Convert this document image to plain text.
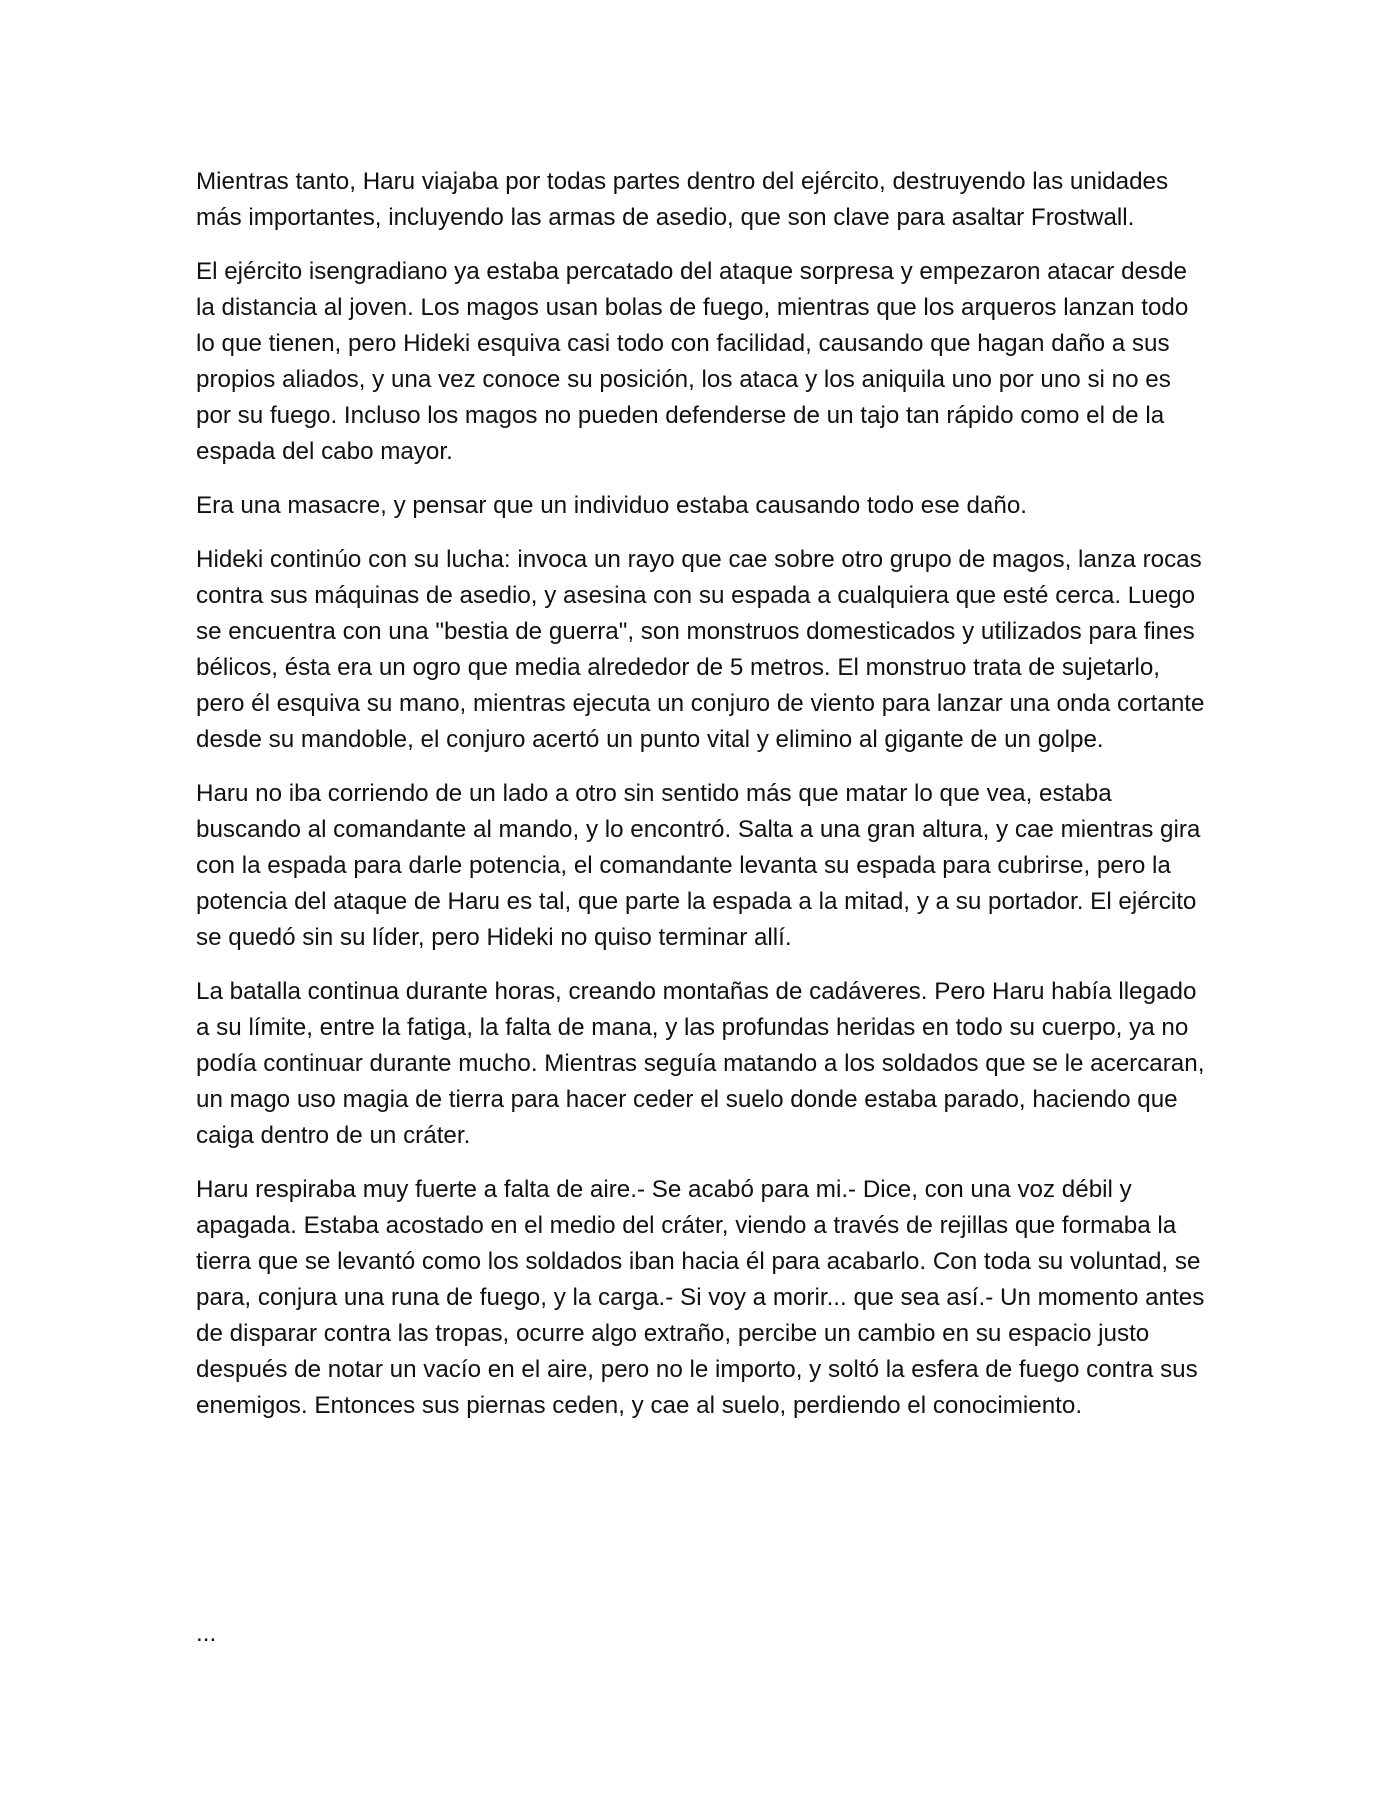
Mientras tanto, Haru viajaba por todas partes dentro del ejército, destruyendo las unidades más importantes, incluyendo las armas de asedio, que son clave para asaltar Frostwall.

El ejército isengradiano ya estaba percatado del ataque sorpresa y empezaron atacar desde la distancia al joven. Los magos usan bolas de fuego, mientras que los arqueros lanzan todo lo que tienen, pero Hideki esquiva casi todo con facilidad, causando que hagan daño a sus propios aliados, y una vez conoce su posición, los ataca y los aniquila uno por uno si no es por su fuego. Incluso los magos no pueden defenderse de un tajo tan rápido como el de la espada del cabo mayor.

Era una masacre, y pensar que un individuo estaba causando todo ese daño.

Hideki continúo con su lucha: invoca un rayo que cae sobre otro grupo de magos, lanza rocas contra sus máquinas de asedio, y asesina con su espada a cualquiera que esté cerca. Luego se encuentra con una "bestia de guerra", son monstruos domesticados y utilizados para fines bélicos, ésta era un ogro que media alrededor de 5 metros. El monstruo trata de sujetarlo, pero él esquiva su mano, mientras ejecuta un conjuro de viento para lanzar una onda cortante desde su mandoble, el conjuro acertó un punto vital y elimino al gigante de un golpe.

Haru no iba corriendo de un lado a otro sin sentido más que matar lo que vea, estaba buscando al comandante al mando, y lo encontró. Salta a una gran altura, y cae mientras gira con la espada para darle potencia, el comandante levanta su espada para cubrirse, pero la potencia del ataque de Haru es tal, que parte la espada a la mitad, y a su portador. El ejército se quedó sin su líder, pero Hideki no quiso terminar allí.

La batalla continua durante horas, creando montañas de cadáveres. Pero Haru había llegado a su límite, entre la fatiga, la falta de mana, y las profundas heridas en todo su cuerpo, ya no podía continuar durante mucho. Mientras seguía matando a los soldados que se le acercaran, un mago uso magia de tierra para hacer ceder el suelo donde estaba parado, haciendo que caiga dentro de un cráter.

Haru respiraba muy fuerte a falta de aire.- Se acabó para mi.- Dice, con una voz débil y apagada. Estaba acostado en el medio del cráter, viendo a través de rejillas que formaba la tierra que se levantó como los soldados iban hacia él para acabarlo. Con toda su voluntad, se para, conjura una runa de fuego, y la carga.- Si voy a morir... que sea así.- Un momento antes de disparar contra las tropas, ocurre algo extraño, percibe un cambio en su espacio justo después de notar un vacío en el aire, pero no le importo, y soltó la esfera de fuego contra sus enemigos. Entonces sus piernas ceden, y cae al suelo, perdiendo el conocimiento.

...
